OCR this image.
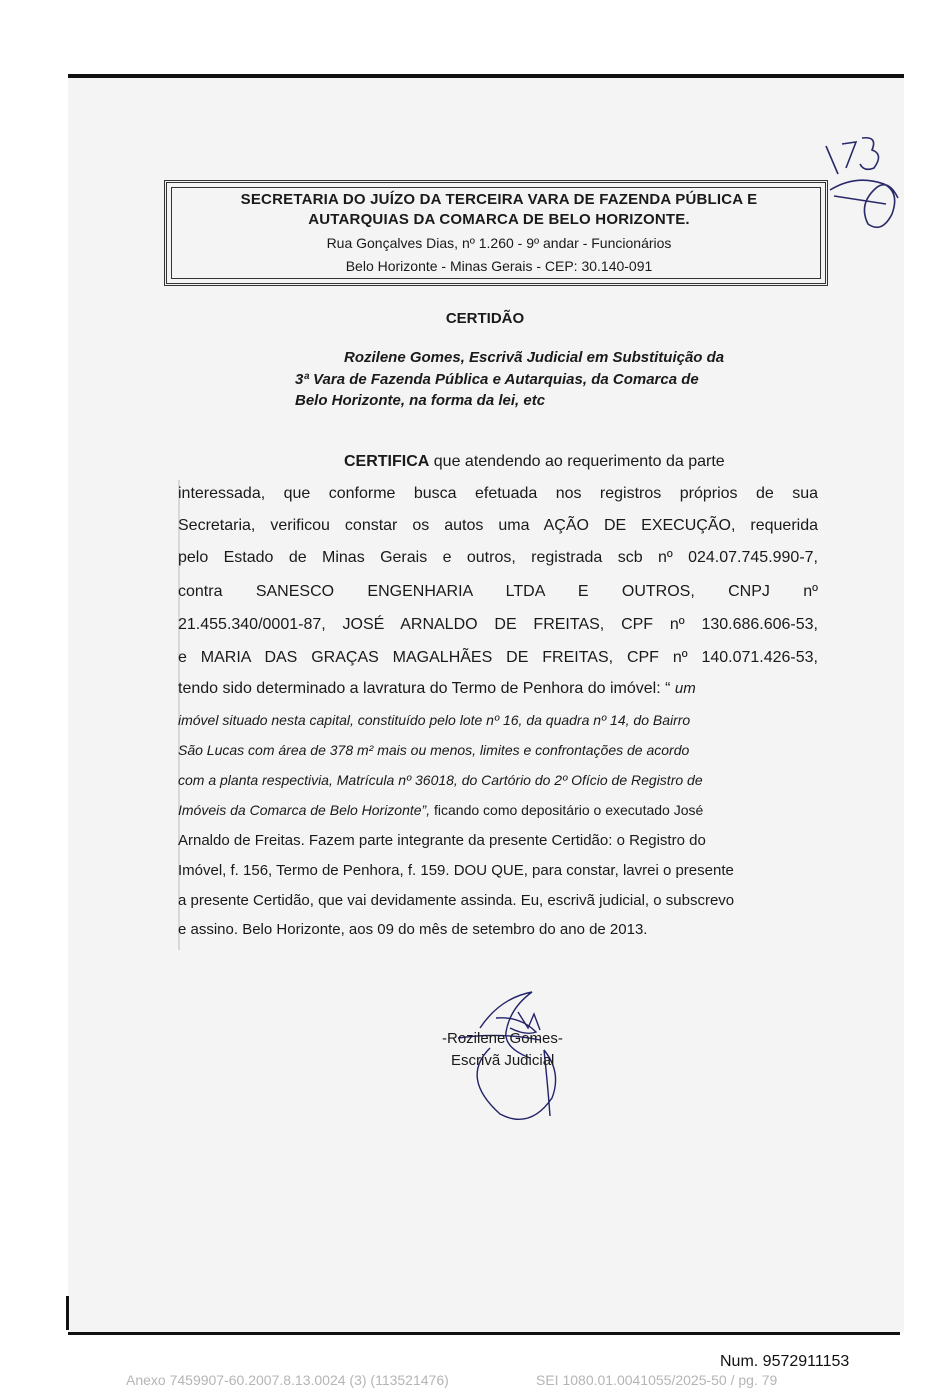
SECRETARIA DO JUÍZO DA TERCEIRA VARA DE FAZENDA PÚBLICA E
AUTARQUIAS DA COMARCA DE BELO HORIZONTE.
Rua Gonçalves Dias, nº 1.260 - 9º andar - Funcionários
Belo Horizonte - Minas Gerais - CEP: 30.140-091
CERTIDÃO
Rozilene Gomes, Escrivã Judicial em Substituição da
3ª Vara de Fazenda Pública e Autarquias, da Comarca de
Belo Horizonte, na forma da lei, etc
CERTIFICA que atendendo ao requerimento da parte
interessada, que conforme busca efetuada nos registros próprios de sua
Secretaria, verificou constar os autos uma AÇÃO DE EXECUÇÃO, requerida
pelo Estado de Minas Gerais e outros, registrada scb nº 024.07.745.990-7,
contra SANESCO ENGENHARIA LTDA E OUTROS, CNPJ nº
21.455.340/0001-87, JOSÉ ARNALDO DE FREITAS, CPF nº 130.686.606-53,
e MARIA DAS GRAÇAS MAGALHÃES DE FREITAS, CPF nº 140.071.426-53,
tendo sido determinado a lavratura do Termo de Penhora do imóvel: “ um
imóvel situado nesta capital, constituído pelo lote nº 16, da quadra nº 14, do Bairro
São Lucas com área de 378 m² mais ou menos, limites e confrontações de acordo
com a planta respectivia, Matrícula nº 36018, do Cartório do 2º Ofício de Registro de
Imóveis da Comarca de Belo Horizonte”, ficando como depositário o executado José
Arnaldo de Freitas. Fazem parte integrante da presente Certidão: o Registro do
Imóvel, f. 156, Termo de Penhora, f. 159. DOU QUE, para constar, lavrei o presente
a presente Certidão, que vai devidamente assinda. Eu, escrivã judicial, o subscrevo
e assino. Belo Horizonte, aos 09 do mês de setembro do ano de 2013.
-Rozilene Gomes-
Escrivã Judicial
Num. 9572911153
Anexo 7459907-60.2007.8.13.0024 (3) (113521476)	SEI 1080.01.0041055/2025-50 / pg. 79
